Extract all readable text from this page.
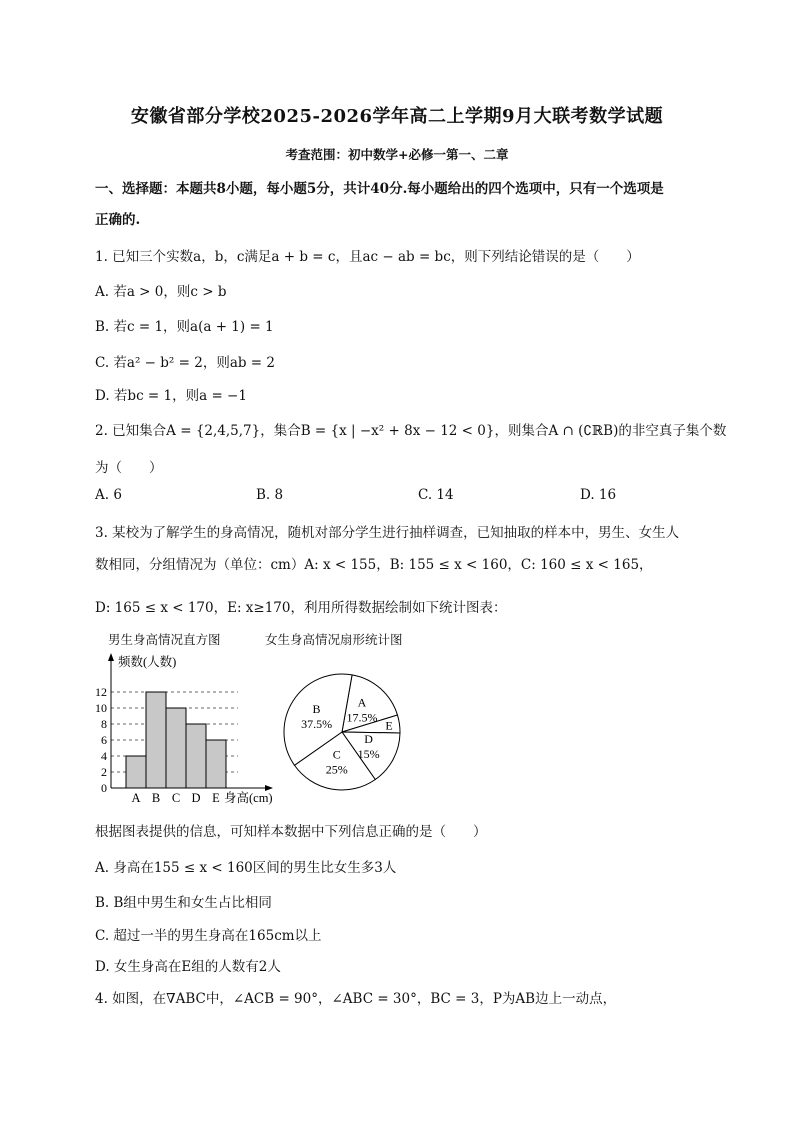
安徽省部分学校2025-2026学年高二上学期9月大联考数学试题
考查范围：初中数学+必修一第一、二章
一、选择题：本题共8小题，每小题5分，共计40分.每小题给出的四个选项中，只有一个选项是
正确的.
1. 已知三个实数a，b，c满足a + b = c，且ac − ab = bc，则下列结论错误的是（　　）
A. 若a > 0，则c > b
B. 若c = 1，则a(a + 1) = 1
C. 若a² − b² = 2，则ab = 2
D. 若bc = 1，则a = −1
2. 已知集合A = {2,4,5,7}，集合B = {x | −x² + 8x − 12 < 0}，则集合A ∩ (∁ℝB)的非空真子集个数
为（　　）
A. 6	B. 8	C. 14	D. 16
3. 某校为了解学生的身高情况，随机对部分学生进行抽样调查，已知抽取的样本中，男生、女生人
数相同，分组情况为（单位：cm）A: x < 155，B: 155 ≤ x < 160，C: 160 ≤ x < 165，
D: 165 ≤ x < 170，E: x≥170，利用所得数据绘制如下统计图表：
男生身高情况直方图	女生身高情况扇形统计图
0
2
4
6
8
10
12
A B C D E
频数(人数)
身高(cm)
A
17.5%
E
D
15%
C
25%
B
37.5%
根据图表提供的信息，可知样本数据中下列信息正确的是（　　）
A. 身高在155 ≤ x < 160区间的男生比女生多3人
B. B组中男生和女生占比相同
C. 超过一半的男生身高在165cm以上
D. 女生身高在E组的人数有2人
4. 如图，在∇ABC中，∠ACB = 90°，∠ABC = 30°，BC = 3，P为AB边上一动点，
